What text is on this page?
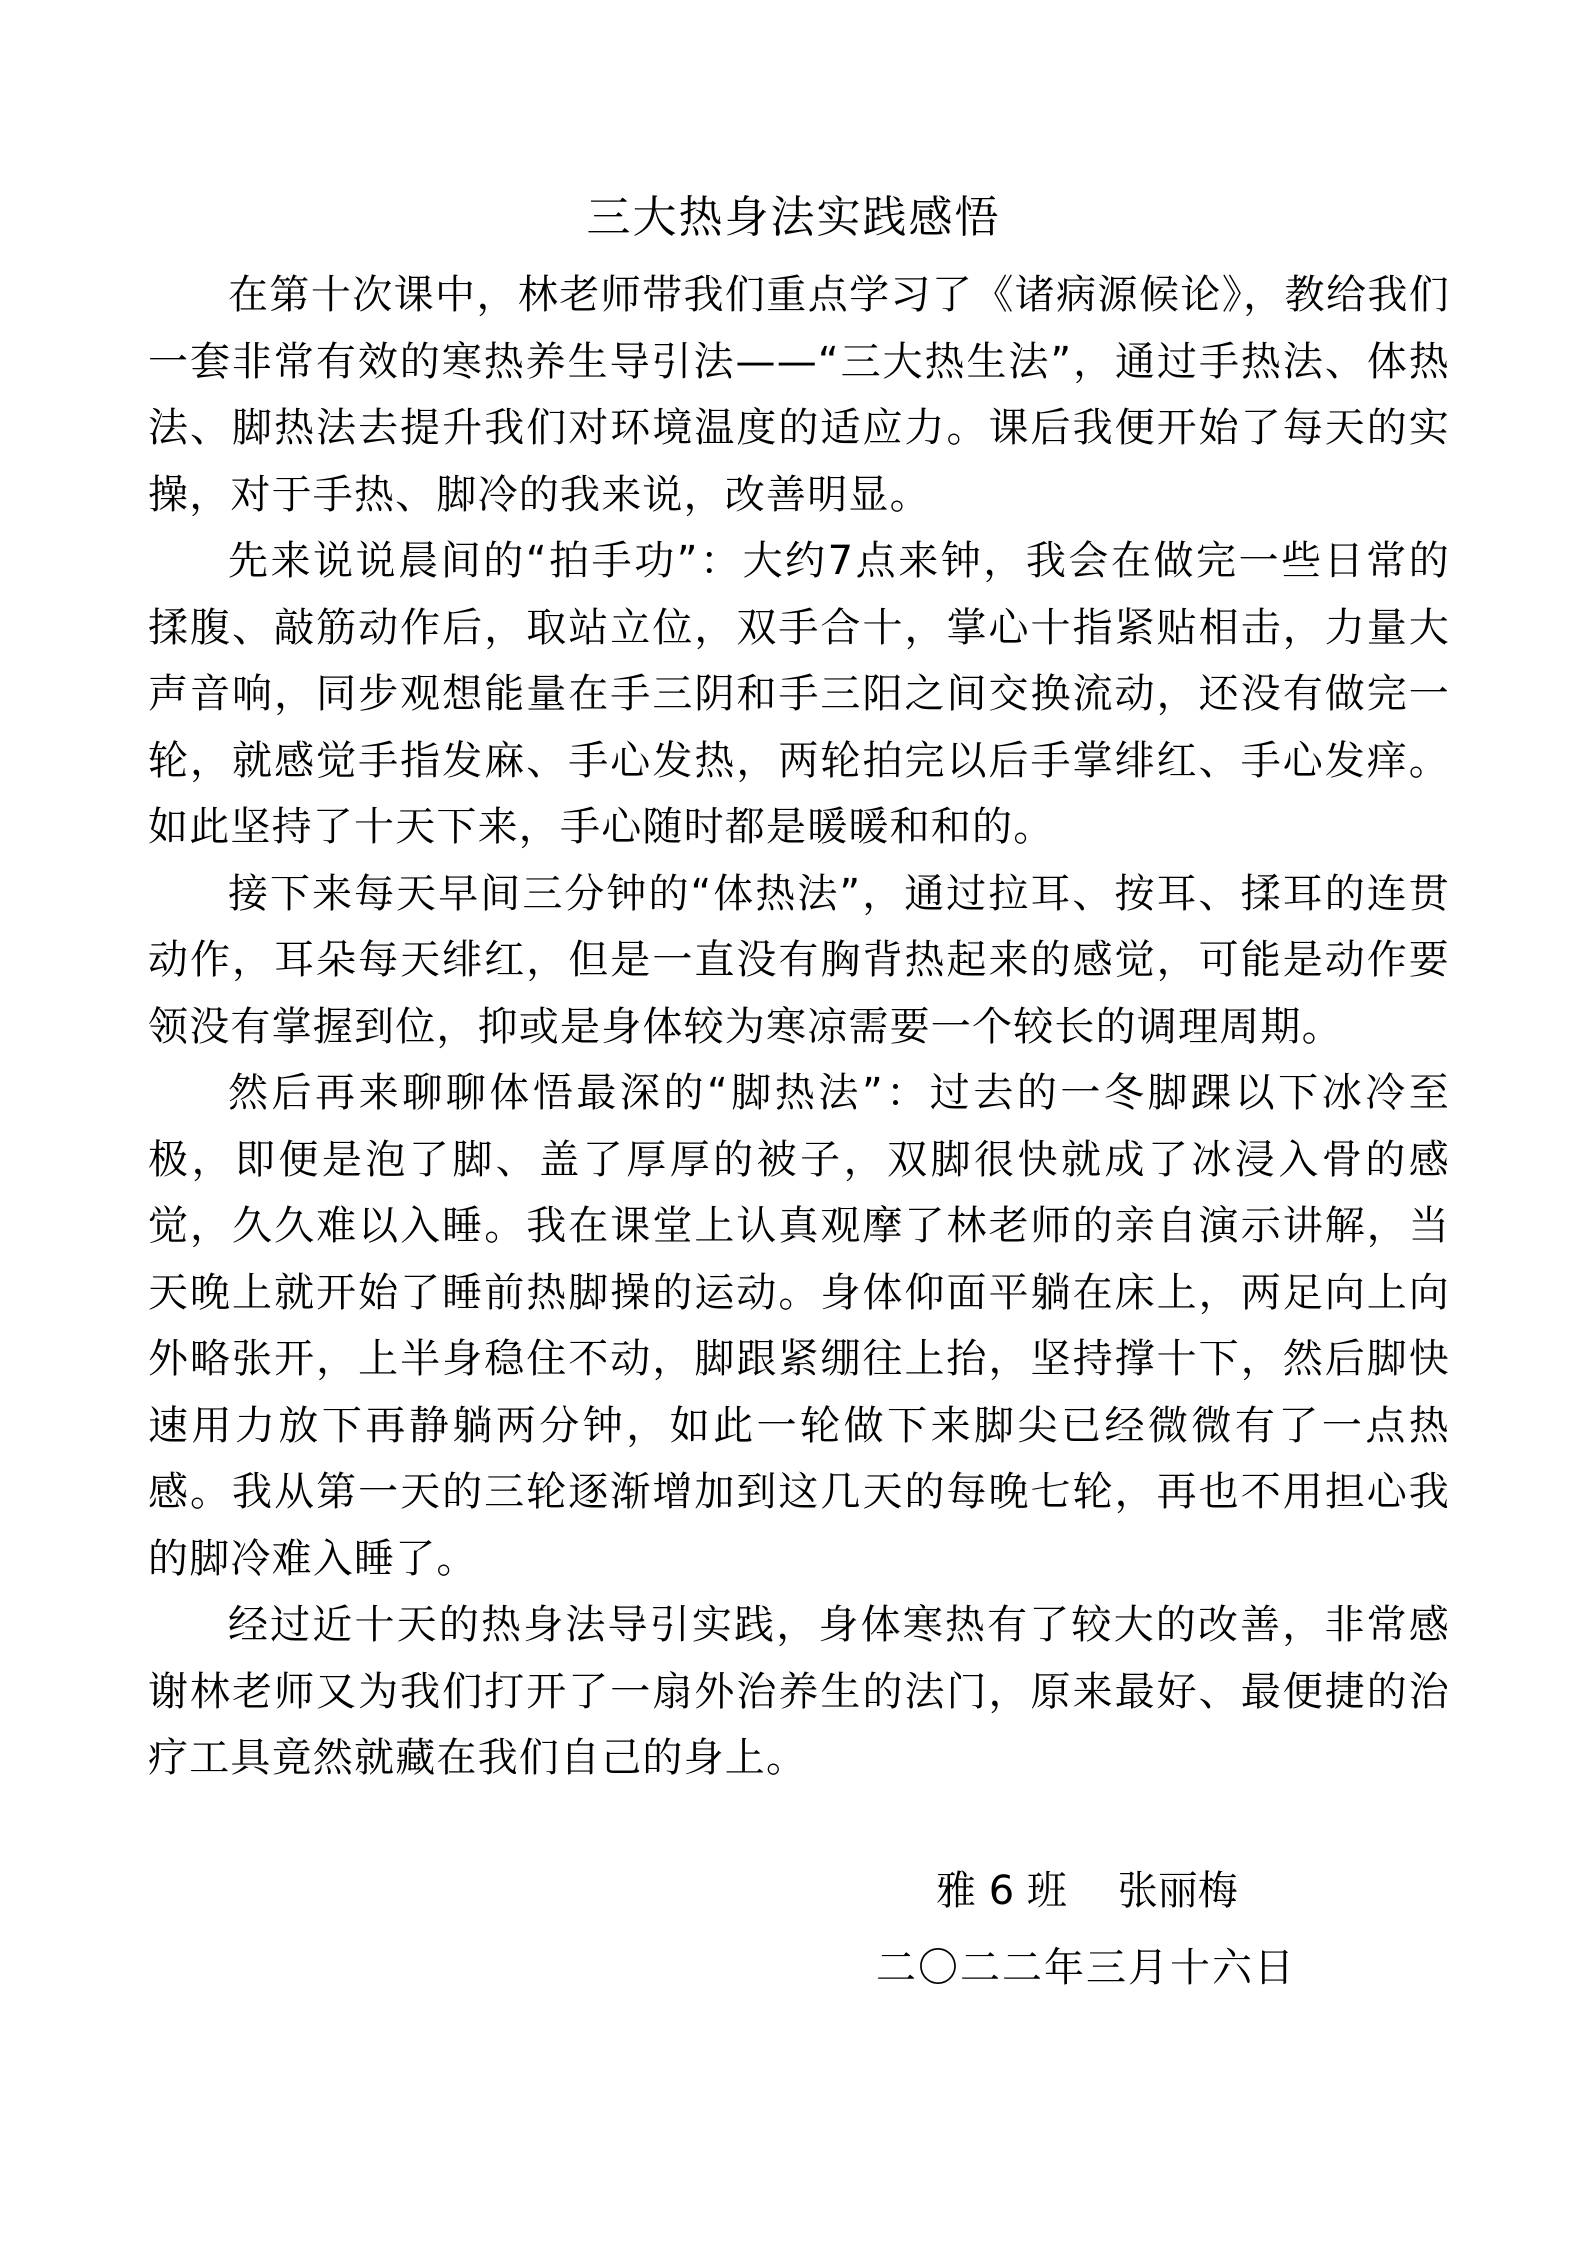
三大热身法实践感悟

在第十次课中，林老师带我们重点学习了《诸病源候论》，教给我们一套非常有效的寒热养生导引法——“三大热生法”，通过手热法、体热法、脚热法去提升我们对环境温度的适应力。课后我便开始了每天的实操，对于手热、脚冷的我来说，改善明显。

先来说说晨间的“拍手功”：大约7点来钟，我会在做完一些日常的揉腹、敲筋动作后，取站立位，双手合十，掌心十指紧贴相击，力量大声音响，同步观想能量在手三阴和手三阳之间交换流动，还没有做完一轮，就感觉手指发麻、手心发热，两轮拍完以后手掌绯红、手心发痒。如此坚持了十天下来，手心随时都是暖暖和和的。

接下来每天早间三分钟的“体热法”，通过拉耳、按耳、揉耳的连贯动作，耳朵每天绯红，但是一直没有胸背热起来的感觉，可能是动作要领没有掌握到位，抑或是身体较为寒凉需要一个较长的调理周期。

然后再来聊聊体悟最深的“脚热法”：过去的一冬脚踝以下冰冷至极，即便是泡了脚、盖了厚厚的被子，双脚很快就成了冰浸入骨的感觉，久久难以入睡。我在课堂上认真观摩了林老师的亲自演示讲解，当天晚上就开始了睡前热脚操的运动。身体仰面平躺在床上，两足向上向外略张开，上半身稳住不动，脚跟紧绷往上抬，坚持撑十下，然后脚快速用力放下再静躺两分钟，如此一轮做下来脚尖已经微微有了一点热感。我从第一天的三轮逐渐增加到这几天的每晚七轮，再也不用担心我的脚冷难入睡了。

经过近十天的热身法导引实践，身体寒热有了较大的改善，非常感谢林老师又为我们打开了一扇外治养生的法门，原来最好、最便捷的治疗工具竟然就藏在我们自己的身上。

雅 6 班    张丽梅
二〇二二年三月十六日
